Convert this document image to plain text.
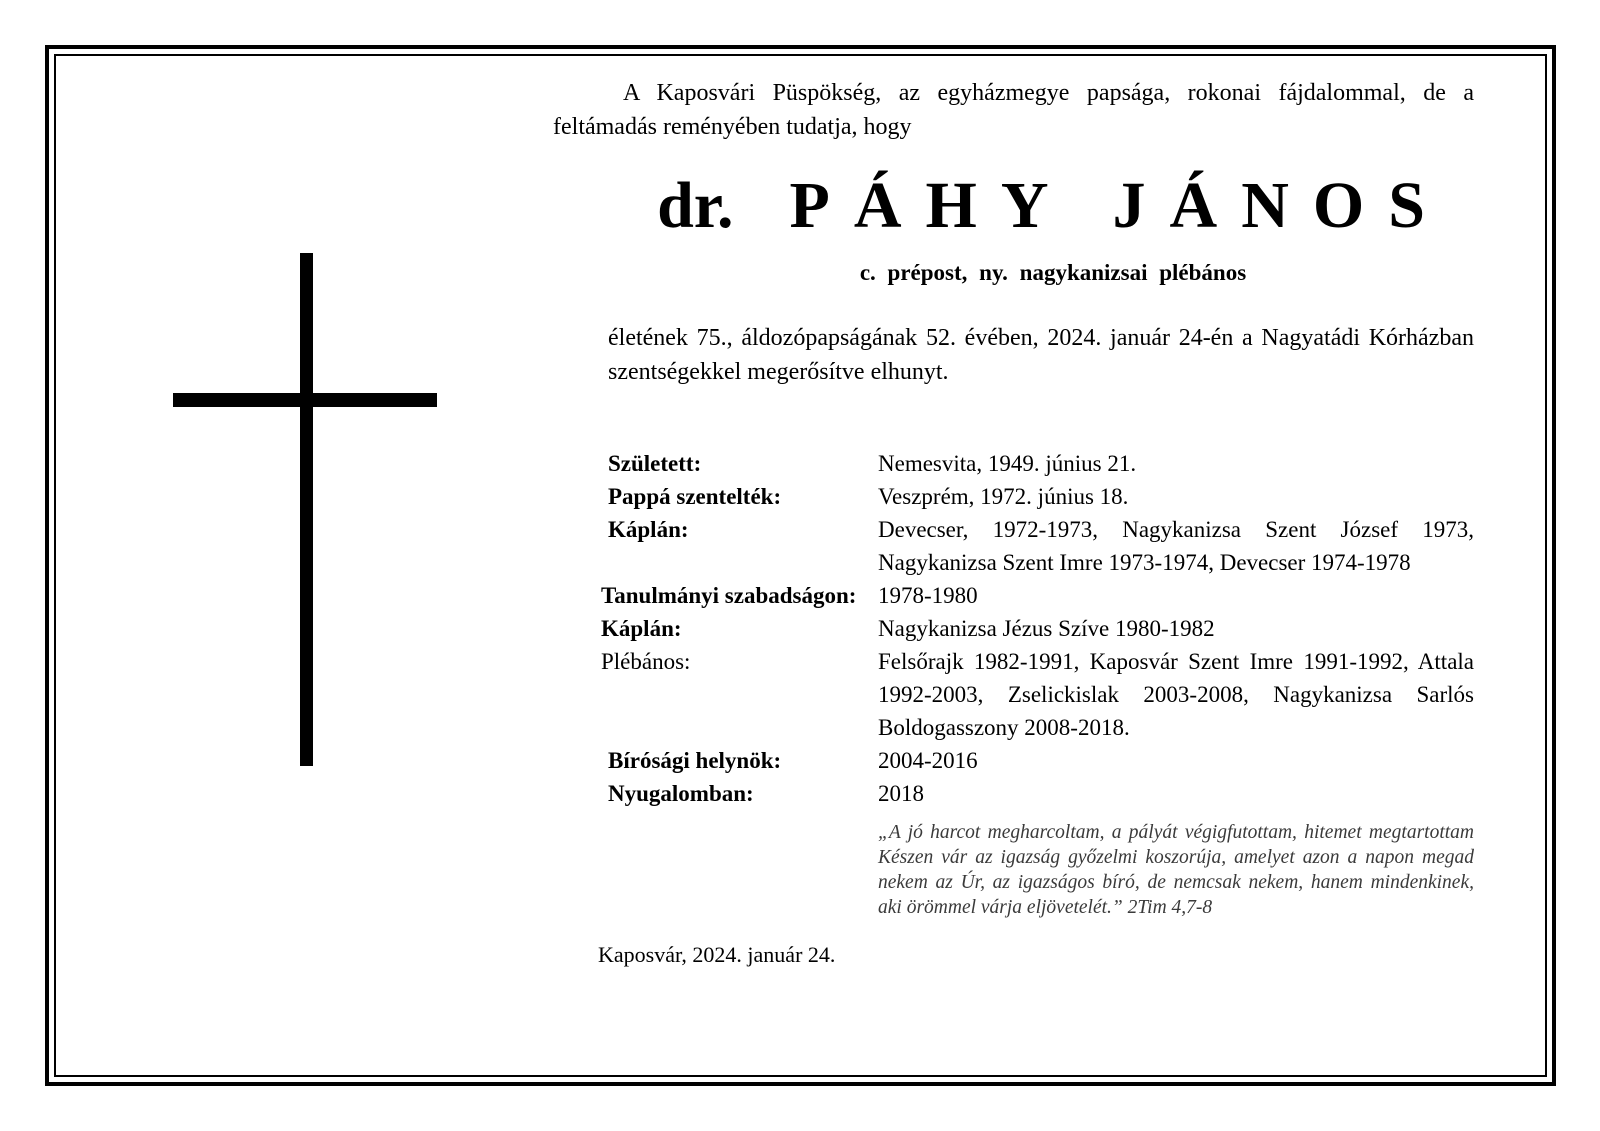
A Kaposvári Püspökség, az egyházmegye papsága, rokonai fájdalommal, de a feltámadás reményében tudatja, hogy
dr. PÁHY JÁNOS
c. prépost, ny. nagykanizsai plébános
életének 75., áldozópapságának 52. évében, 2024. január 24-én a Nagyatádi Kórházban szentségekkel megerősítve elhunyt.
Született:	Nemesvita, 1949. június 21.
Pappá szentelték:	Veszprém, 1972. június 18.
Káplán:	Devecser, 1972-1973, Nagykanizsa Szent József 1973, Nagykanizsa Szent Imre 1973-1974, Devecser 1974-1978
Tanulmányi szabadságon: 1978-1980
Káplán:	Nagykanizsa Jézus Szíve 1980-1982
Plébános:	Felsőrajk 1982-1991, Kaposvár Szent Imre 1991-1992, Attala 1992-2003, Zselickislak 2003-2008, Nagykanizsa Sarlós Boldogasszony 2008-2018.
Bírósági helynök:	2004-2016
Nyugalomban:	2018
„A jó harcot megharcoltam, a pályát végigfutottam, hitemet megtartottam Készen vár az igazság győzelmi koszorúja, amelyet azon a napon megad nekem az Úr, az igazságos bíró, de nemcsak nekem, hanem mindenkinek, aki örömmel várja eljövetelét.” 2Tim 4,7-8
Kaposvár, 2024. január 24.
